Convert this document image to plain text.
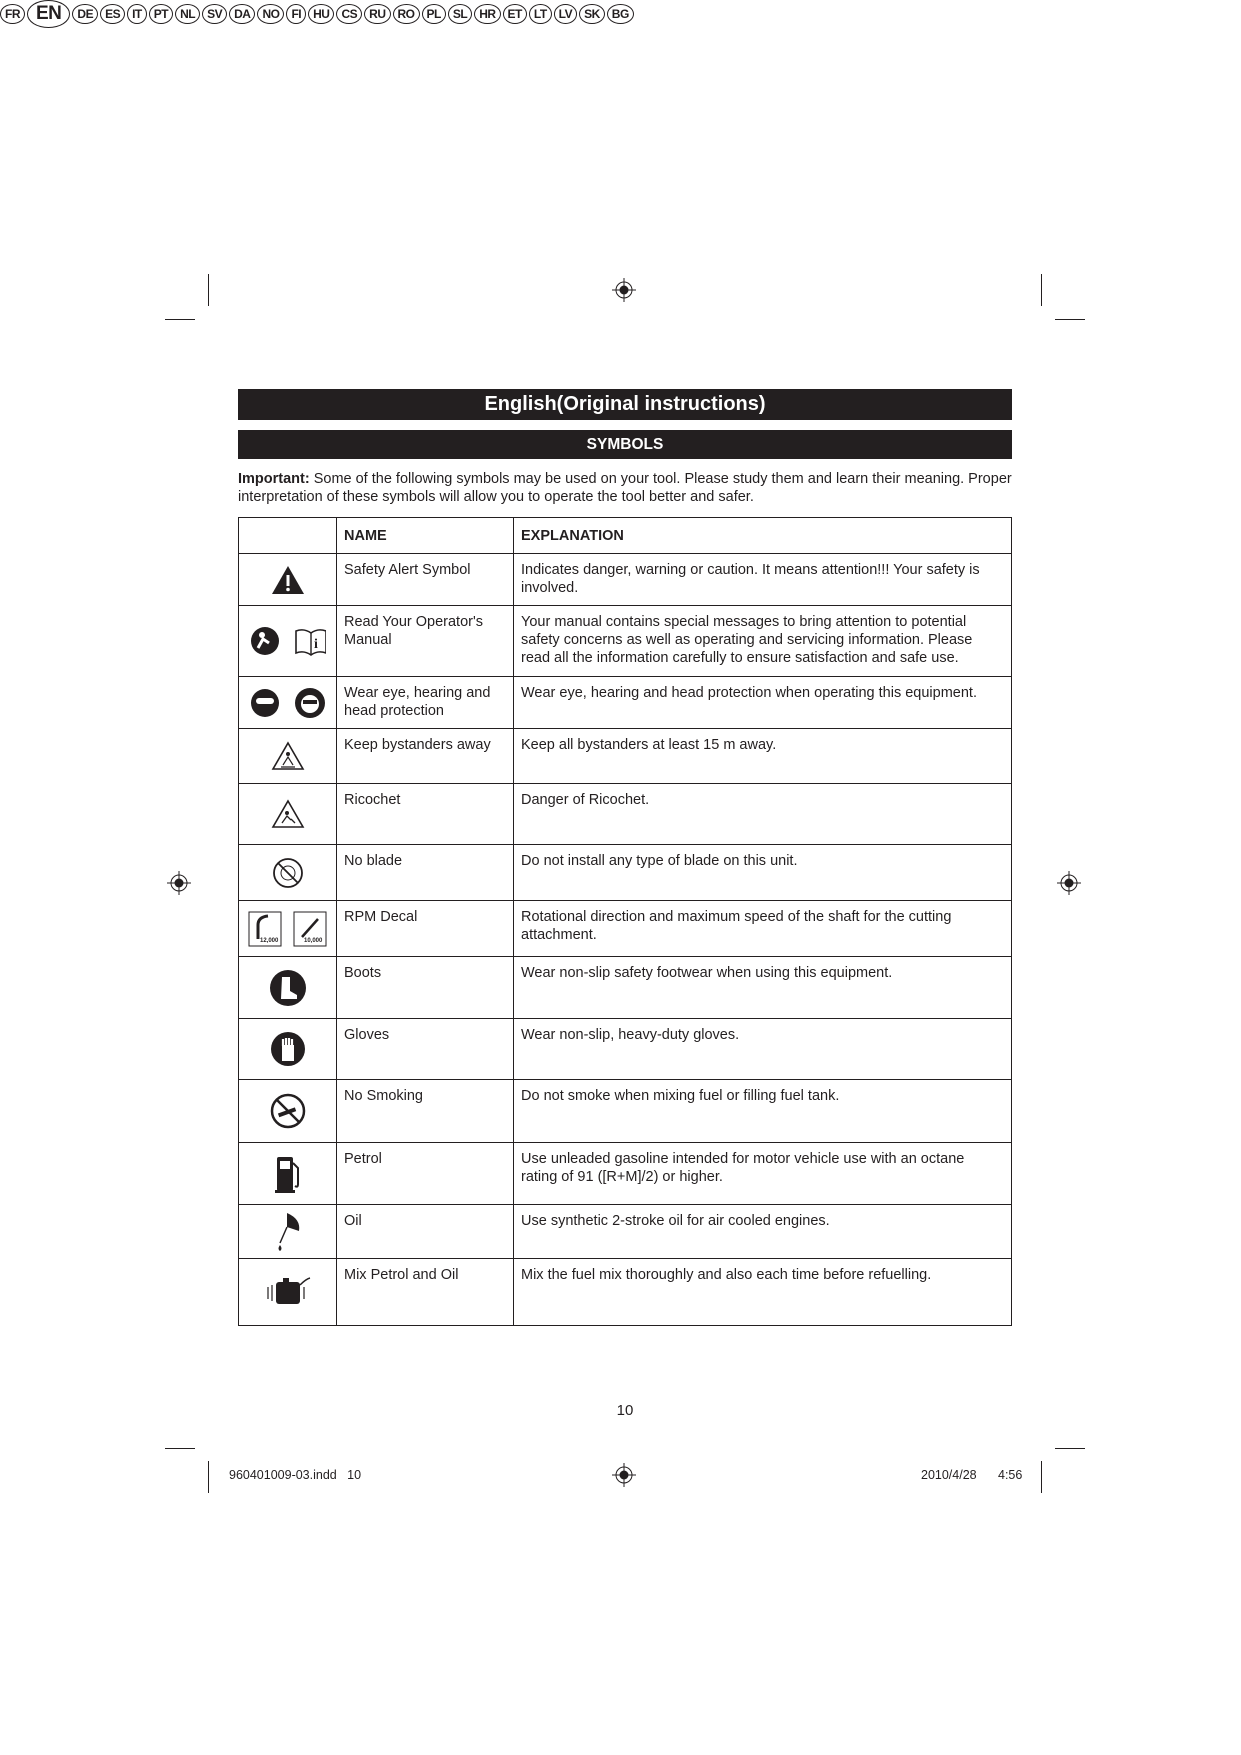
FR EN	DE	ES	IT	PT	NL	SV	DA	NO	FI	HU	CS	RU	RO	PL	SL	HR	ET	LT	LV	SK	BG
English(Original instructions)
SYMBOLS
Important: Some of the following symbols may be used on your tool. Please study them and learn their meaning. Proper interpretation of these symbols will allow you to operate the tool better and safer.
	NAME	EXPLANATION
	Safety Alert Symbol	Indicates danger, warning or caution. It means attention!!! Your safety is involved.

i	Read Your Operator's Manual	Your manual contains special messages to bring attention to potential safety concerns as well as operating and servicing information. Please read all the information carefully to ensure satisfaction and safe use.
	Wear eye, hearing and head protection	Wear eye, hearing and head protection when operating this equipment.
	Keep bystanders away	Keep all bystanders at least 15 m away.
	Ricochet	Danger of Ricochet.
	No blade	Do not install any type of blade on this unit.

12,000 10,000	RPM Decal	Rotational direction and maximum speed of the shaft for the cutting attachment.
	Boots	Wear non-slip safety footwear when using this equipment.
	Gloves	Wear non-slip, heavy-duty gloves.
	No Smoking	Do not smoke when mixing fuel or filling fuel tank.
	Petrol	Use unleaded gasoline intended for motor vehicle use with an octane rating of 91 ([R+M]/2) or higher.
	Oil	Use synthetic 2-stroke oil for air cooled engines.
	Mix Petrol and Oil	Mix the fuel mix thoroughly and also each time before refuelling.
10
960401009-03.indd   10	2010/4/28 4:56
